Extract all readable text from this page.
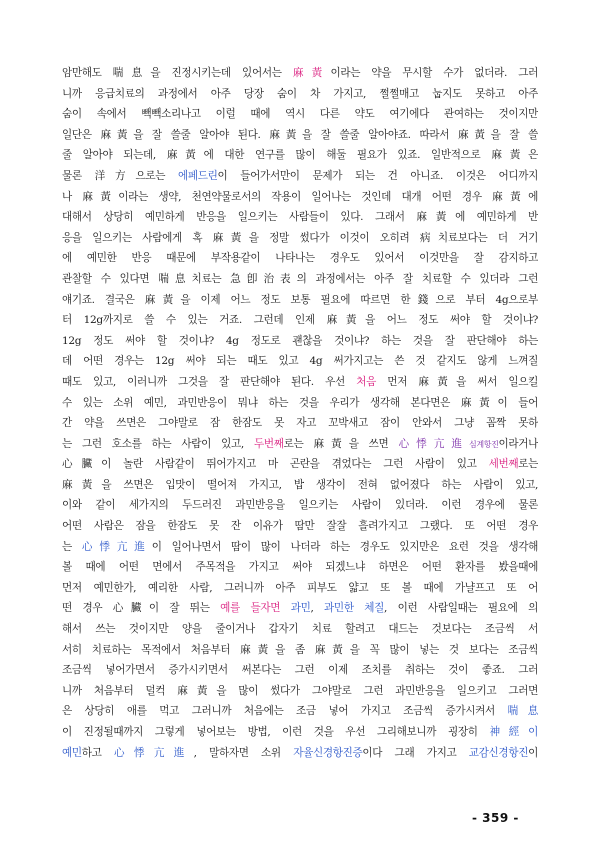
암만해도 喘息을 진정시키는데 있어서는 麻黃이라는 약을 무시할 수가 없더라. 그러
니까 응급치료의 과정에서 아주 당장 숨이 차 가지고, 쩔쩔매고 눕지도 못하고 아주
숨이 속에서 빽빽소리나고 이럴 때에 역시 다른 약도 여기에다 관여하는 것이지만
일단은 麻黃을 잘 쓸줄 알아야 된다. 麻黃을 잘 쓸줄 알아야죠. 따라서 麻黃을 잘 쓸
줄 알아야 되는데, 麻黃에 대한 연구를 많이 해둘 필요가 있죠. 일반적으로 麻黃은
물론 洋方으로는 에페드린이 들어가서만이 문제가 되는 건 아니죠. 이것은 어디까지
나 麻黃이라는 생약, 천연약물로서의 작용이 일어나는 것인데 대개 어떤 경우 麻黃에
대해서 상당히 예민하게 반응을 일으키는 사람들이 있다. 그래서 麻黃에 예민하게 반
응을 일으키는 사람에게 혹 麻黃을 정말 썼다가 이것이 오히려 病치료보다는 더 거기
에 예민한 반응 때문에 부작용같이 나타나는 경우도 있어서 이것만을 잘 감지하고
관찰할 수 있다면 喘息치료는 急卽治表의 과정에서는 아주 잘 치료할 수 있더라 그런
얘기죠. 결국은 麻黃을 이제 어느 정도 보통 필요에 따르면 한錢으로 부터 4g으로부
터 12g까지로 쓸 수 있는 거죠. 그런데 인제 麻黃을 어느 정도 써야 할 것이냐?
12g 정도 써야 할 것이냐? 4g 정도로 괜찮을 것이냐? 하는 것을 잘 판단해야 하는
데 어떤 경우는 12g 써야 되는 때도 있고 4g 써가지고는 쓴 것 같지도 않게 느껴질
때도 있고, 이러니까 그것을 잘 판단해야 된다. 우선 처음 먼저 麻黃을 써서 일으킬
수 있는 소위 예민, 과민반응이 뭐냐 하는 것을 우리가 생각해 본다면은 麻黃이 들어
간 약을 쓰면은 그야말로 잠 한잠도 못 자고 꼬박새고 잠이 안와서 그냥 꼼짝 못하
는 그런 호소를 하는 사람이 있고, 두번째로는 麻黃을 쓰면 心悸亢進심계항진이라거나
心臟이 놀란 사람같이 뛰어가지고 마 곤란을 겪었다는 그런 사람이 있고 세번째로는
麻黃을 쓰면은 입맛이 떨어져 가지고, 밥 생각이 전혀 없어졌다 하는 사람이 있고,
이와 같이 세가지의 두드러진 과민반응을 일으키는 사람이 있더라. 이런 경우에 물론
어떤 사람은 잠을 한잠도 못 잔 이유가 땀만 잘잘 흘려가지고 그랬다. 또 어떤 경우
는 心悸亢進이 일어나면서 땀이 많이 나더라 하는 경우도 있지만은 요런 것을 생각해
볼 때에 어떤 면에서 주목적을 가지고 써야 되겠느냐 하면은 어떤 환자를 봤을때에
먼저 예민한가, 예리한 사람, 그러니까 아주 피부도 얇고 또 볼 때에 가냘프고 또 어
떤 경우 心臟이 잘 뛰는 예를 들자면 과민, 과민한 체질, 이런 사람일때는 필요에 의
해서 쓰는 것이지만 양을 줄이거나 갑자기 치료 할려고 대드는 것보다는 조금씩 서
서히 치료하는 목적에서 처음부터 麻黃을 좀 麻黃을 꼭 많이 넣는 것 보다는 조금씩
조금씩 넣어가면서 증가시키면서 써본다는 그런 이제 조치를 취하는 것이 좋죠. 그러
니까 처음부터 덜컥 麻黃을 많이 썼다가 그야말로 그런 과민반응을 일으키고 그러면
은 상당히 애를 먹고 그러니까 처음에는 조금 넣어 가지고 조금씩 증가시켜서 喘息
이 진정될때까지 그렇게 넣어보는 방법, 이런 것을 우선 그리해보니까 굉장히 神經이
예민하고 心悸亢進, 말하자면 소위 자율신경항진증이다 그래 가지고 교감신경항진이
- 359 -
